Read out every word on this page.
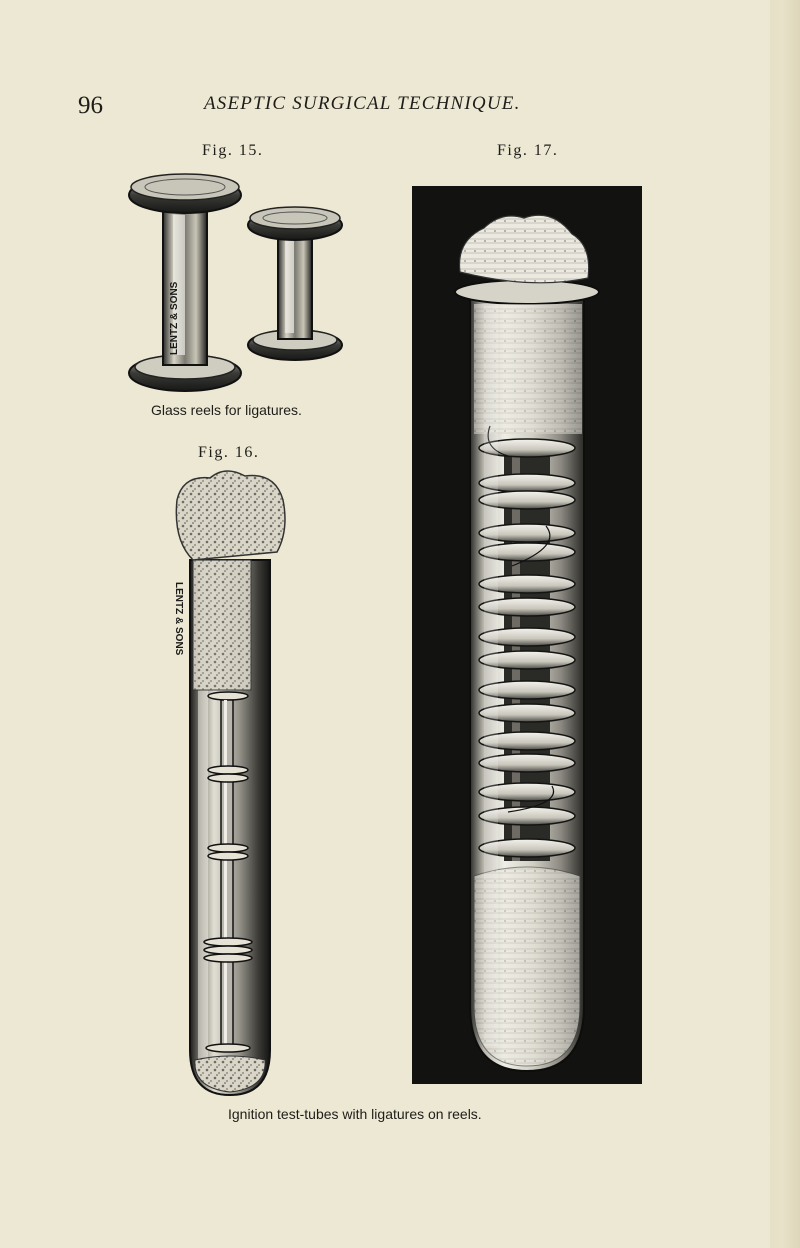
96	ASEPTIC SURGICAL TECHNIQUE.
Fig. 15.	Fig. 17.
Fig. 16.
LENTZ & SONS
Glass reels for ligatures.
LENTZ & SONS
Ignition test-tubes with ligatures on reels.
